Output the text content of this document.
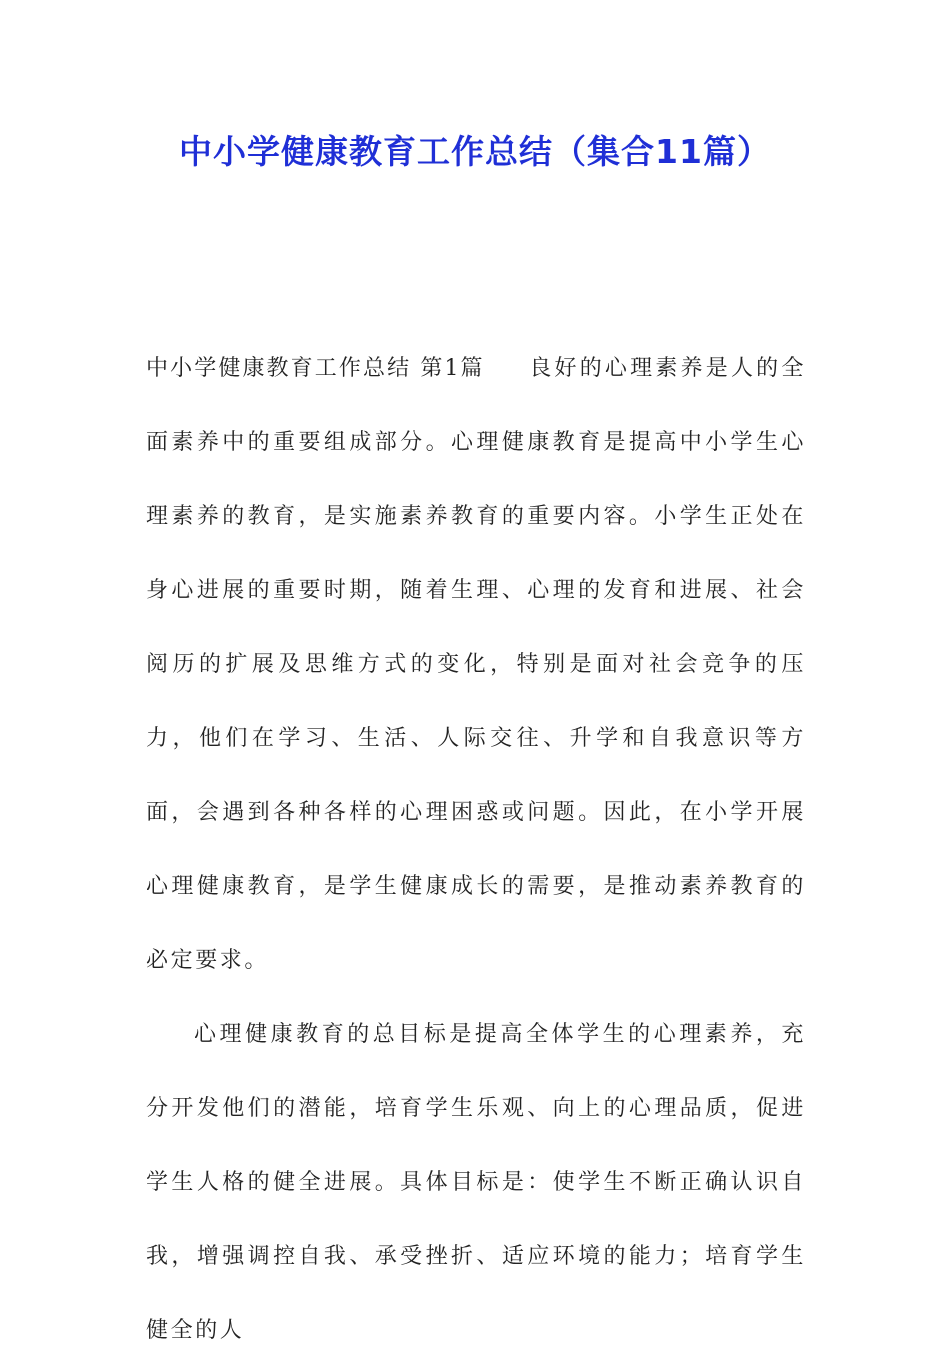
中小学健康教育工作总结（集合11篇）

中小学健康教育工作总结 第1篇 良好的心理素养是人的全面素养中的重要组成部分。心理健康教育是提高中小学生心理素养的教育，是实施素养教育的重要内容。小学生正处在身心进展的重要时期，随着生理、心理的发育和进展、社会阅历的扩展及思维方式的变化，特别是面对社会竞争的压力，他们在学习、生活、人际交往、升学和自我意识等方面，会遇到各种各样的心理困惑或问题。因此，在小学开展心理健康教育，是学生健康成长的需要，是推动素养教育的必定要求。

心理健康教育的总目标是提高全体学生的心理素养，充分开发他们的潜能，培育学生乐观、向上的心理品质，促进学生人格的健全进展。具体目标是：使学生不断正确认识自我，增强调控自我、承受挫折、适应环境的能力；培育学生健全的人
